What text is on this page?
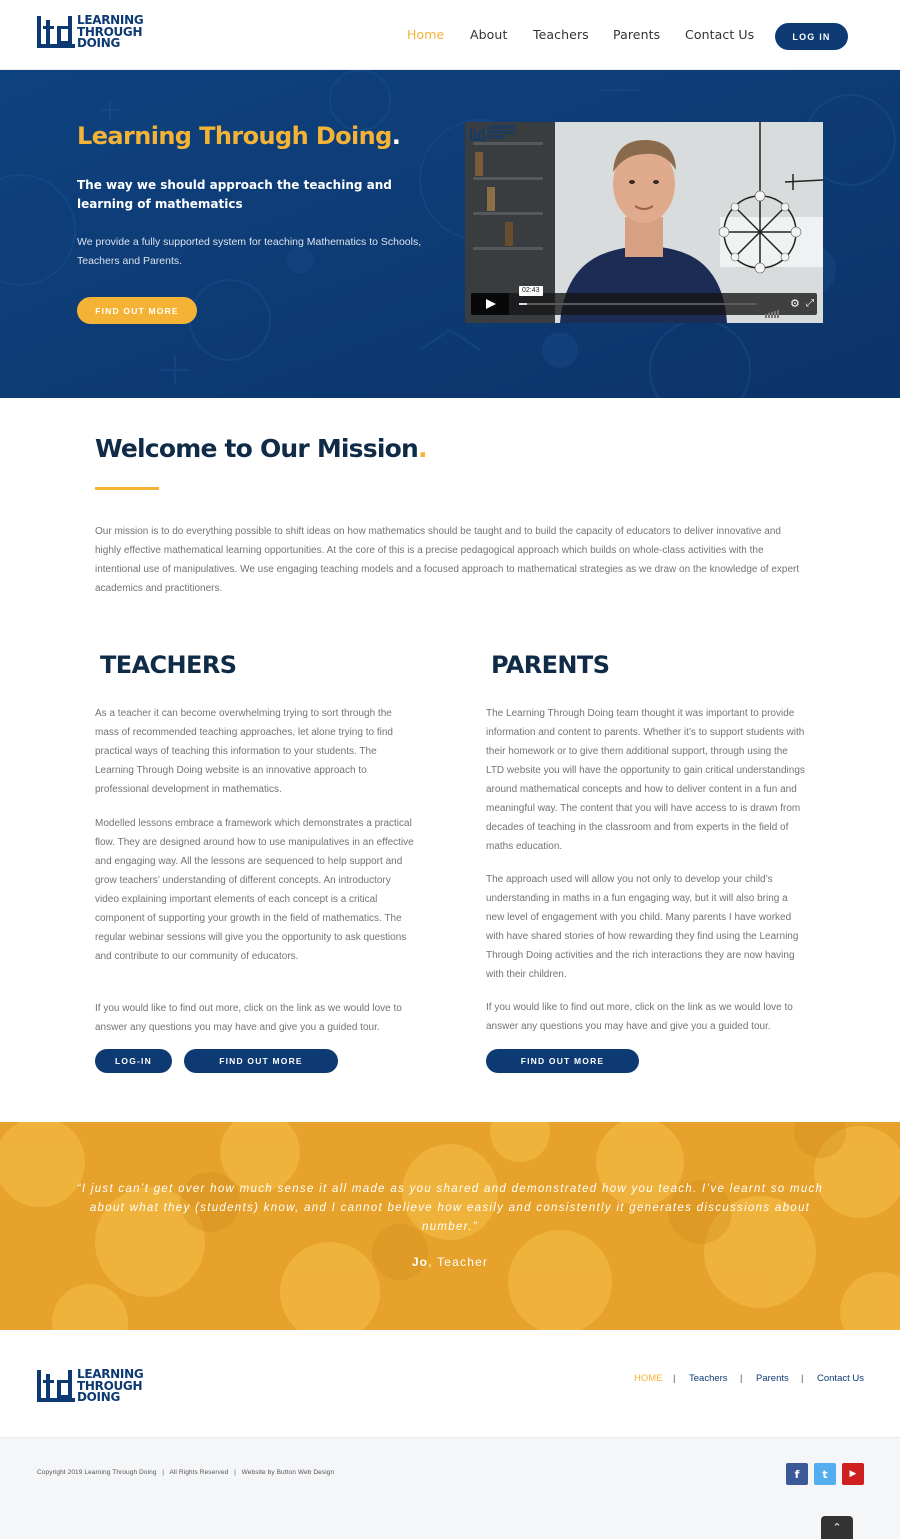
LEARNING
THROUGH
DOING
Home About Teachers Parents Contact Us	LOG IN
Learning Through Doing.

The way we should approach the teaching and learning of mathematics

We provide a fully supported system for teaching Mathematics to Schools, Teachers and Parents.

FIND OUT MORE
LEARNING
THROUGH
DOING
02:43
⚙ ⤢
Welcome to Our Mission.

Our mission is to do everything possible to shift ideas on how mathematics should be taught and to build the capacity of educators to deliver innovative and highly effective mathematical learning opportunities. At the core of this is a precise pedagogical approach which builds on whole-class activities with the intentional use of manipulatives. We use engaging teaching models and a focused approach to mathematical strategies as we draw on the knowledge of expert academics and practitioners.

TEACHERS

As a teacher it can become overwhelming trying to sort through the mass of recommended teaching approaches, let alone trying to find practical ways of teaching this information to your students. The Learning Through Doing website is an innovative approach to professional development in mathematics.

Modelled lessons embrace a framework which demonstrates a practical flow. They are designed around how to use manipulatives in an effective and engaging way. All the lessons are sequenced to help support and grow teachers’ understanding of different concepts. An introductory video explaining important elements of each concept is a critical component of supporting your growth in the field of mathematics. The regular webinar sessions will give you the opportunity to ask questions and contribute to our community of educators.

If you would like to find out more, click on the link as we would love to answer any questions you may have and give you a guided tour.

LOG-IN	FIND OUT MORE
PARENTS

The Learning Through Doing team thought it was important to provide information and content to parents. Whether it’s to support students with their homework or to give them additional support, through using the LTD website you will have the opportunity to gain critical understandings around mathematical concepts and how to deliver content in a fun and meaningful way. The content that you will have access to is drawn from decades of teaching in the classroom and from experts in the field of maths education.

The approach used will allow you not only to develop your child’s understanding in maths in a fun engaging way, but it will also bring a new level of engagement with you child. Many parents I have worked with have shared stories of how rewarding they find using the Learning Through Doing activities and the rich interactions they are now having with their children.

If you would like to find out more, click on the link as we would love to answer any questions you may have and give you a guided tour.

FIND OUT MORE

“I just can’t get over how much sense it all made as you shared and demonstrated how you teach. I’ve learnt so much about what they (students) know, and I cannot believe how easily and consistently it generates discussions about number.”

Jo, Teacher

LEARNING
THROUGH
DOING
HOME | Teachers | Parents | Contact Us

Copyright 2019 Learning Through Doing   |   All Rights Reserved   |   Website by Button Web Design	f	t	▶
⌃
